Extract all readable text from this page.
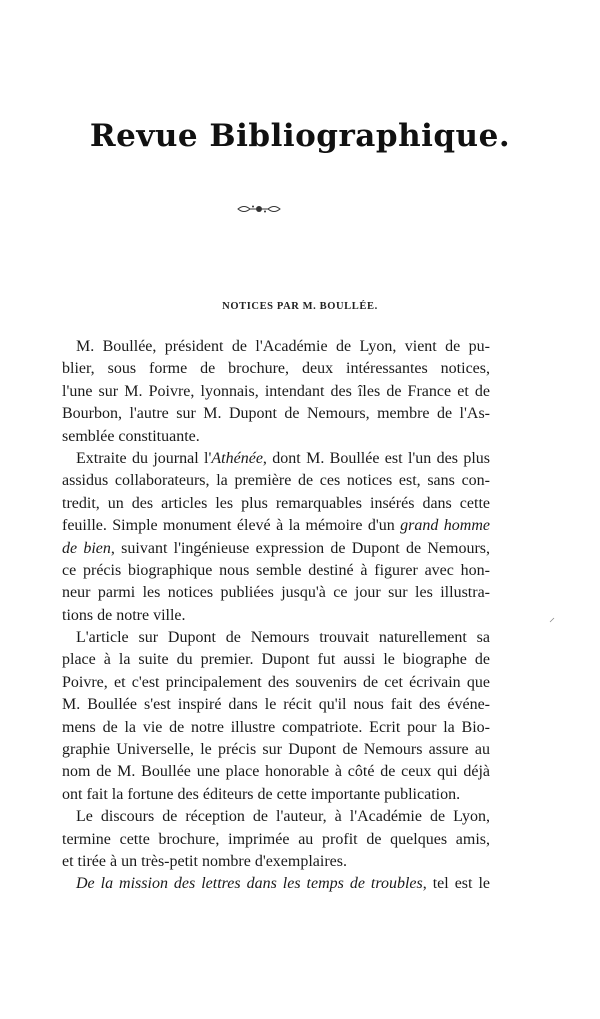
Revue Bibliographique.
NOTICES PAR M. BOULLÉE.
M. Boullée, président de l'Académie de Lyon, vient de pu-
blier, sous forme de brochure, deux intéressantes notices,
l'une sur M. Poivre, lyonnais, intendant des îles de France et de
Bourbon, l'autre sur M. Dupont de Nemours, membre de l'As-
semblée constituante.
Extraite du journal l'Athénée, dont M. Boullée est l'un des plus
assidus collaborateurs, la première de ces notices est, sans con-
tredit, un des articles les plus remarquables insérés dans cette
feuille. Simple monument élevé à la mémoire d'un grand homme
de bien, suivant l'ingénieuse expression de Dupont de Nemours,
ce précis biographique nous semble destiné à figurer avec hon-
neur parmi les notices publiées jusqu'à ce jour sur les illustra-
tions de notre ville.
L'article sur Dupont de Nemours trouvait naturellement sa
place à la suite du premier. Dupont fut aussi le biographe de
Poivre, et c'est principalement des souvenirs de cet écrivain que
M. Boullée s'est inspiré dans le récit qu'il nous fait des événe-
mens de la vie de notre illustre compatriote. Ecrit pour la Bio-
graphie Universelle, le précis sur Dupont de Nemours assure au
nom de M. Boullée une place honorable à côté de ceux qui déjà
ont fait la fortune des éditeurs de cette importante publication.
Le discours de réception de l'auteur, à l'Académie de Lyon,
termine cette brochure, imprimée au profit de quelques amis,
et tirée à un très-petit nombre d'exemplaires.
De la mission des lettres dans les temps de troubles, tel est le
